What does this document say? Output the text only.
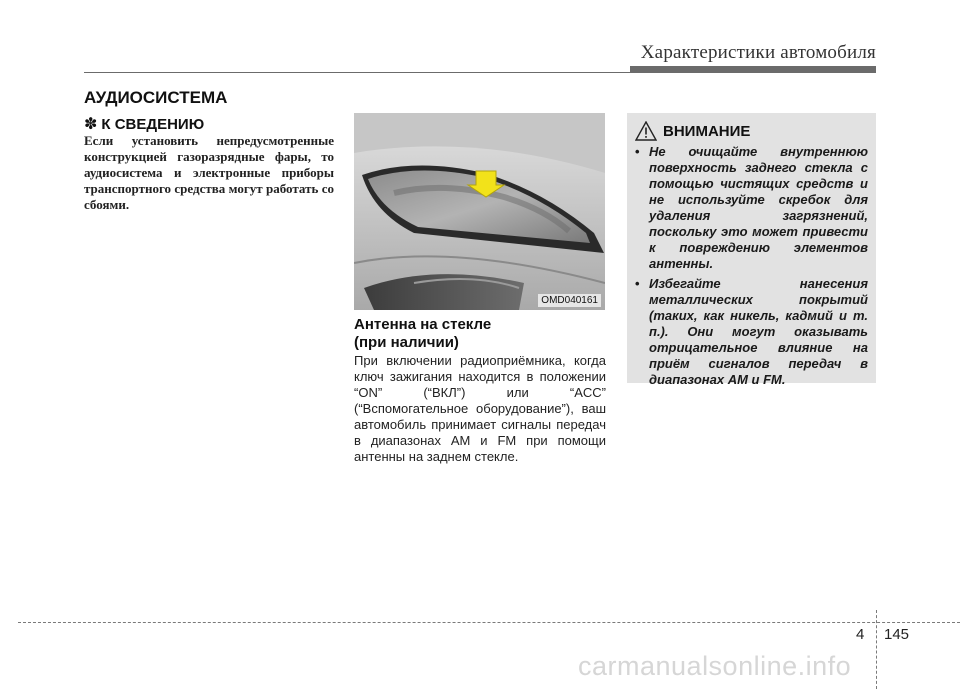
Характеристики автомобиля
АУДИОСИСТЕМА
✽ К СВЕДЕНИЮ
Если установить непредусмотренные конструкцией газоразрядные фары, то аудиосистема и электронные приборы транспортного средства могут работать со сбоями.
OMD040161
Антенна на стекле
(при наличии)
При включении радиоприёмника, когда ключ зажигания находится в положении “ON” (“ВКЛ”) или “ACC” (“Вспомогательное оборудование”), ваш автомобиль принимает сигналы передач в диапазонах AM и FM при помощи антенны на заднем стекле.
ВНИМАНИЕ
• Не очищайте внутреннюю поверхность заднего стекла с помощью чистящих средств и не используйте скребок для удаления загрязнений, поскольку это может привести к повреждению элементов антенны.
• Избегайте нанесения металлических покрытий (таких, как никель, кадмий и т. п.). Они могут оказывать отрицательное влияние на приём сигналов передач в диапазонах AM и FM.
4 145
carmanualsonline.info
